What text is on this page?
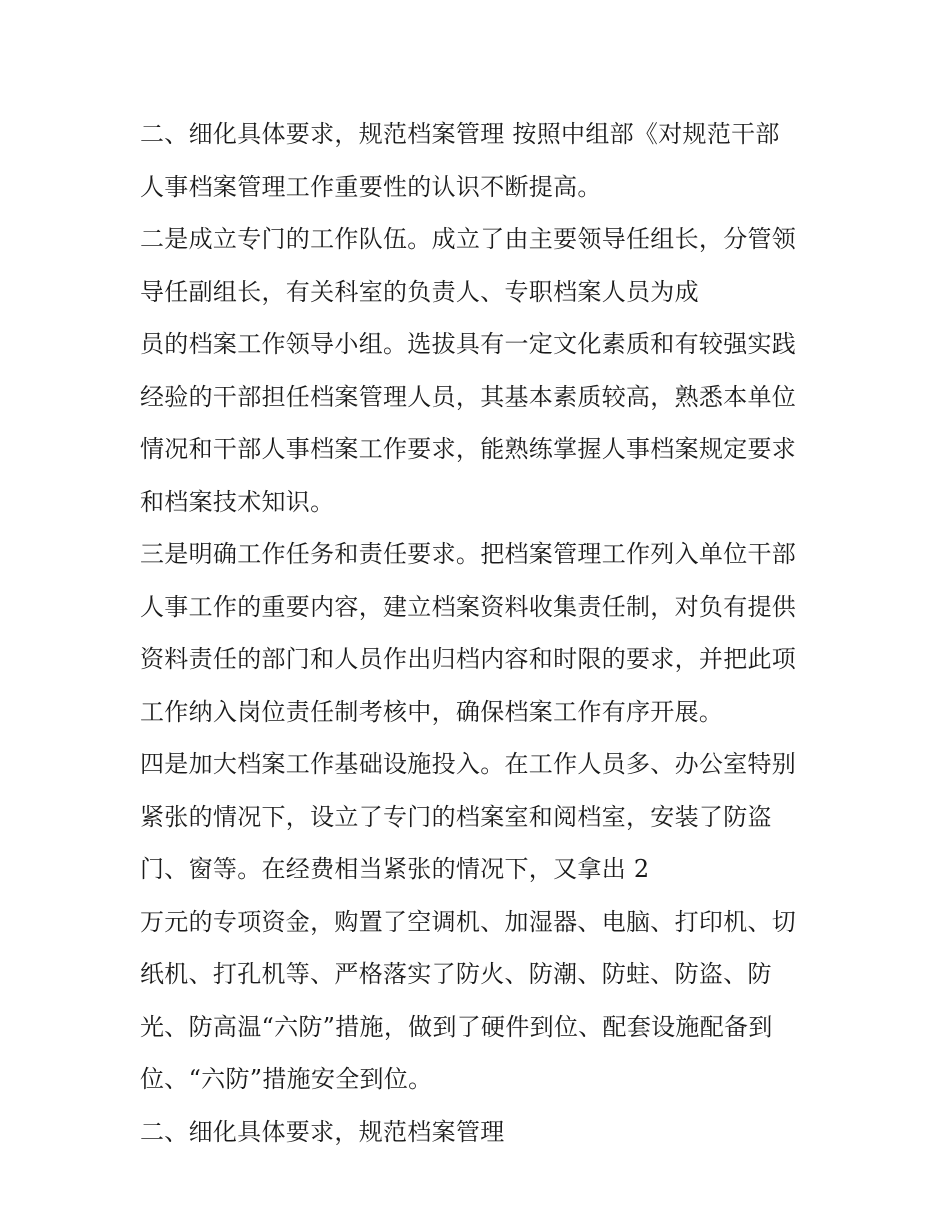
二、细化具体要求，规范档案管理 按照中组部《对规范干部
人事档案管理工作重要性的认识不断提高。
二是成立专门的工作队伍。成立了由主要领导任组长，分管领
导任副组长，有关科室的负责人、专职档案人员为成
员的档案工作领导小组。选拔具有一定文化素质和有较强实践
经验的干部担任档案管理人员，其基本素质较高，熟悉本单位
情况和干部人事档案工作要求，能熟练掌握人事档案规定要求
和档案技术知识。
三是明确工作任务和责任要求。把档案管理工作列入单位干部
人事工作的重要内容，建立档案资料收集责任制，对负有提供
资料责任的部门和人员作出归档内容和时限的要求，并把此项
工作纳入岗位责任制考核中，确保档案工作有序开展。
四是加大档案工作基础设施投入。在工作人员多、办公室特别
紧张的情况下，设立了专门的档案室和阅档室，安装了防盗
门、窗等。在经费相当紧张的情况下，又拿出 2
万元的专项资金，购置了空调机、加湿器、电脑、打印机、切
纸机、打孔机等、严格落实了防火、防潮、防蛀、防盗、防
光、防高温“六防”措施，做到了硬件到位、配套设施配备到
位、“六防”措施安全到位。
二、细化具体要求，规范档案管理
